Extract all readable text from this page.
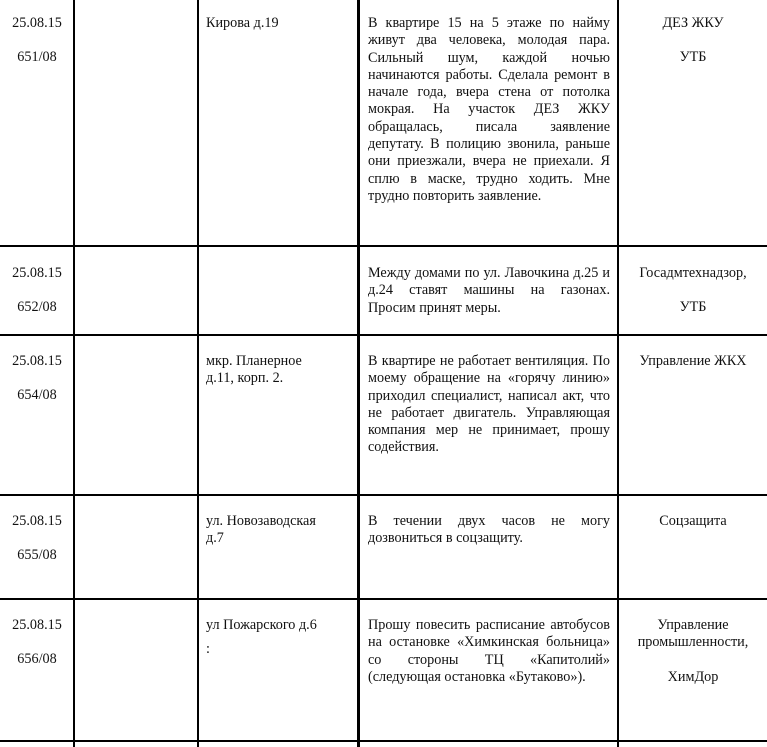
25.08.15
651/08
Кирова д.19	В квартире 15 на 5 этаже по найму живут два человека, молодая пара. Сильный шум, каждой ночью начинаются работы. Сделала ремонт в начале года, вчера стена от потолка мокрая. На участок ДЕЗ ЖКУ обращалась, писала заявление депутату. В полицию звонила, раньше они приезжали, вчера не приехали. Я сплю в маске, трудно ходить. Мне трудно повторить заявление.
ДЕЗ ЖКУ
УТБ
25.08.15
652/08
Между домами по ул. Лавочкина д.25 и д.24 ставят машины на газонах. Просим принят меры.
Госадмтехнадзор,
УТБ
25.08.15
654/08
мкр. Планерное
д.11, корп. 2.
В квартире не работает вентиляция. По моему обращение на «горячу линию» приходил специалист, написал акт, что не работает двигатель. Управляющая компания мер не принимает, прошу содействия.
Управление ЖКХ
25.08.15
655/08
ул. Новозаводская
д.7
В течении двух часов не могу дозвониться в соцзащиту.
Соцзащита
25.08.15
656/08
ул Пожарского д.6
:
Прошу повесить расписание автобусов на остановке «Химкинская больница» со стороны ТЦ «Капитолий» (следующая остановка «Бутаково»).
Управление промышленности,
ХимДор
